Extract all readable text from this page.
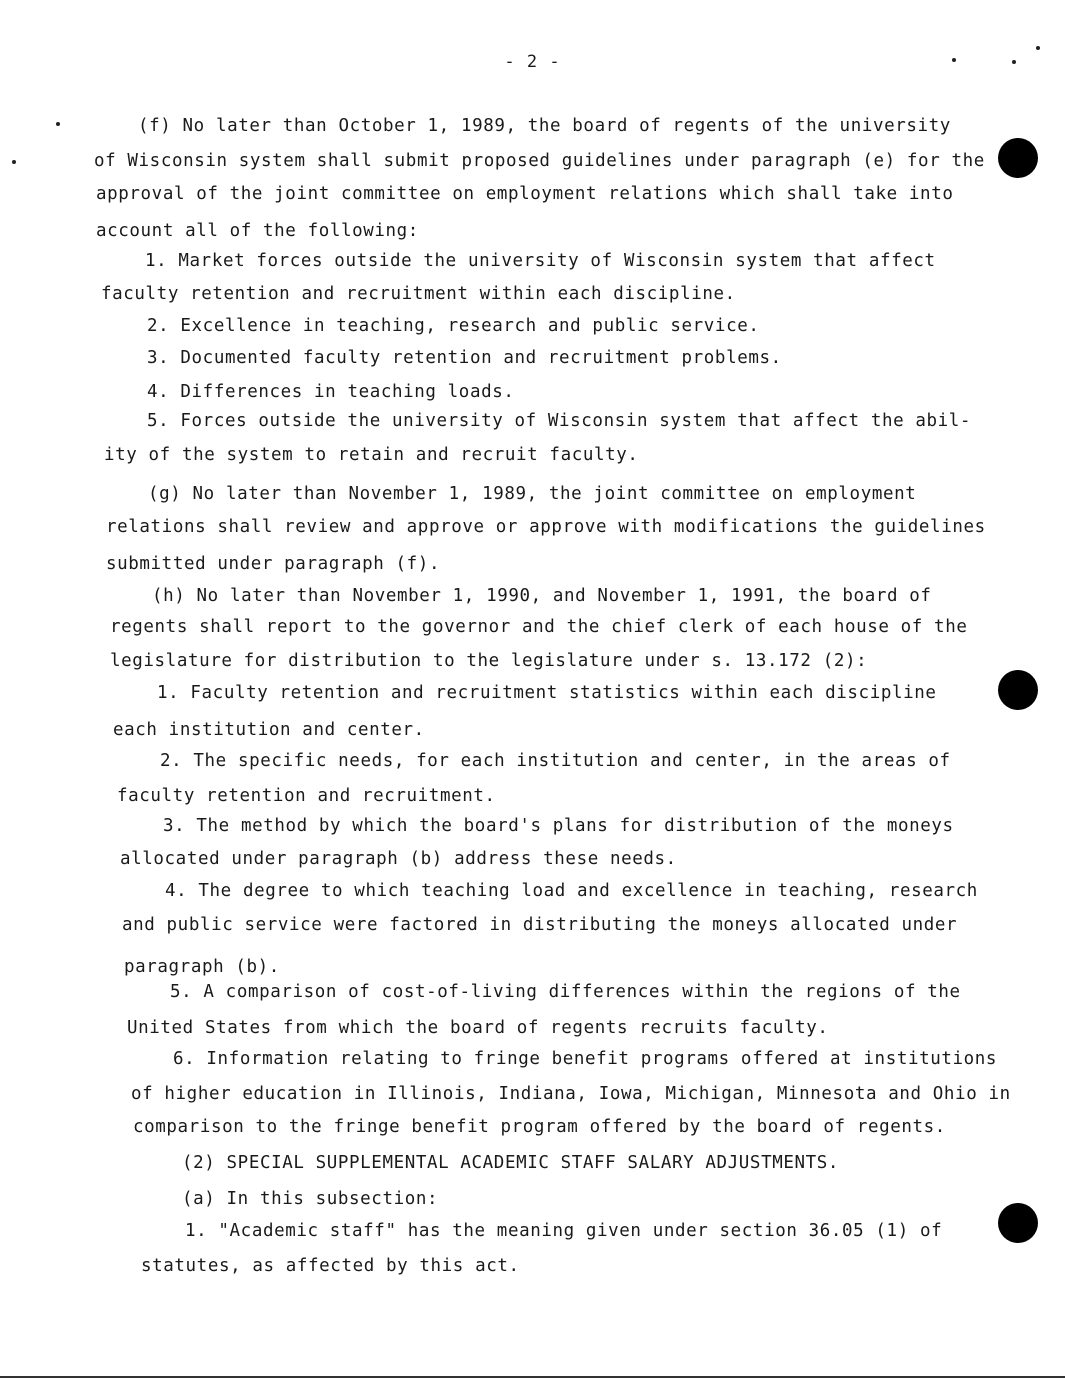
- 2 -
(f) No later than October 1, 1989, the board of regents of the university
of Wisconsin system shall submit proposed guidelines under paragraph (e) for the
approval of the joint committee on employment relations which shall take into
account all of the following:
1. Market forces outside the university of Wisconsin system that affect
faculty retention and recruitment within each discipline.
2. Excellence in teaching, research and public service.
3. Documented faculty retention and recruitment problems.
4. Differences in teaching loads.
5. Forces outside the university of Wisconsin system that affect the abil-
ity of the system to retain and recruit faculty.
(g) No later than November 1, 1989, the joint committee on employment
relations shall review and approve or approve with modifications the guidelines
submitted under paragraph (f).
(h) No later than November 1, 1990, and November 1, 1991, the board of
regents shall report to the governor and the chief clerk of each house of the
legislature for distribution to the legislature under s. 13.172 (2):
1. Faculty retention and recruitment statistics within each discipline
each institution and center.
2. The specific needs, for each institution and center, in the areas of
faculty retention and recruitment.
3. The method by which the board's plans for distribution of the moneys
allocated under paragraph (b) address these needs.
4. The degree to which teaching load and excellence in teaching, research
and public service were factored in distributing the moneys allocated under
paragraph (b).
5. A comparison of cost-of-living differences within the regions of the
United States from which the board of regents recruits faculty.
6. Information relating to fringe benefit programs offered at institutions
of higher education in Illinois, Indiana, Iowa, Michigan, Minnesota and Ohio in
comparison to the fringe benefit program offered by the board of regents.
(2) SPECIAL SUPPLEMENTAL ACADEMIC STAFF SALARY ADJUSTMENTS.
(a) In this subsection:
1. "Academic staff" has the meaning given under section 36.05 (1) of
statutes, as affected by this act.
